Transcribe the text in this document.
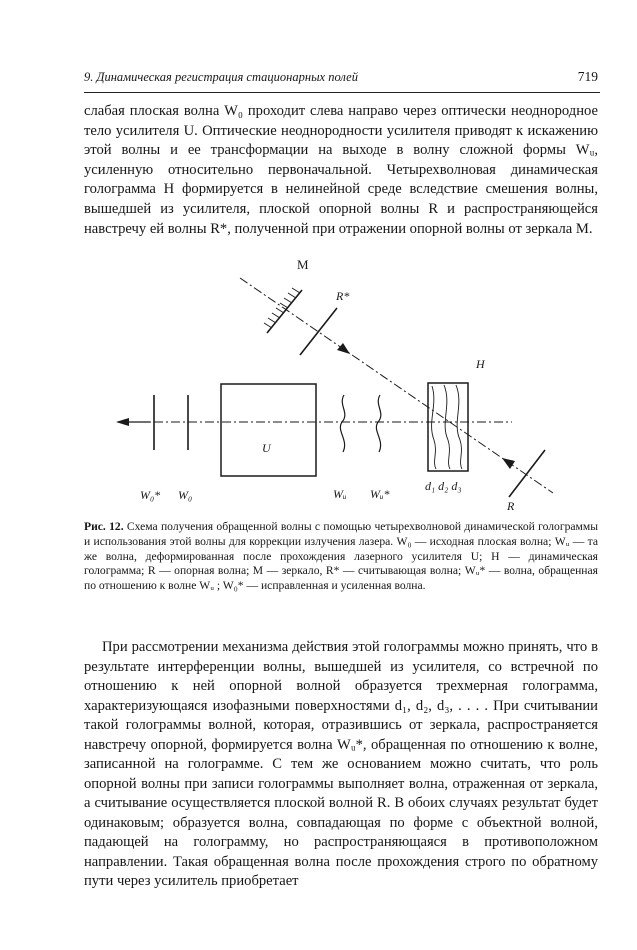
9. Динамическая регистрация стационарных полей	719
слабая плоская волна W₀ проходит слева направо через оптически неоднородное тело усилителя U. Оптические неоднородности усилителя приводят к искажению этой волны и ее трансформации на выходе в волну сложной формы Wᵤ, усиленную относительно первоначальной. Четырехволновая динамическая голограмма H формируется в нелинейной среде вследствие смешения волны, вышедшей из усилителя, плоской опорной волны R и распространяющейся навстречу ей волны R*, полученной при отражении опорной волны от зеркала M.
M
R*
H
U
R
W₀* W₀	Wᵤ Wᵤ*
d₁ d₂ d₃
Рис. 12. Схема получения обращенной волны с помощью четырехволновой динамической голограммы и использования этой волны для коррекции излучения лазера. W₀ — исходная плоская волна; Wᵤ — та же волна, деформированная после прохождения лазерного усилителя U; H — динамическая голограмма; R — опорная волна; M — зеркало, R* — считывающая волна; Wᵤ* — волна, обращенная по отношению к волне Wᵤ ; W₀* — исправленная и усиленная волна.
При рассмотрении механизма действия этой голограммы можно принять, что в результате интерференции волны, вышедшей из усилителя, со встречной по отношению к ней опорной волной образуется трехмерная голограмма, характеризующаяся изофазными поверхностями d₁, d₂, d₃, . . . . При считывании такой голограммы волной, которая, отразившись от зеркала, распространяется навстречу опорной, формируется волна Wᵤ*, обращенная по отношению к волне, записанной на голограмме. С тем же основанием можно считать, что роль опорной волны при записи голограммы выполняет волна, отраженная от зеркала, а считывание осуществляется плоской волной R. В обоих случаях результат будет одинаковым; образуется волна, совпадающая по форме с объектной волной, падающей на голограмму, но распространяющаяся в противоположном направлении. Такая обращенная волна после прохождения строго по обратному пути через усилитель приобретает
